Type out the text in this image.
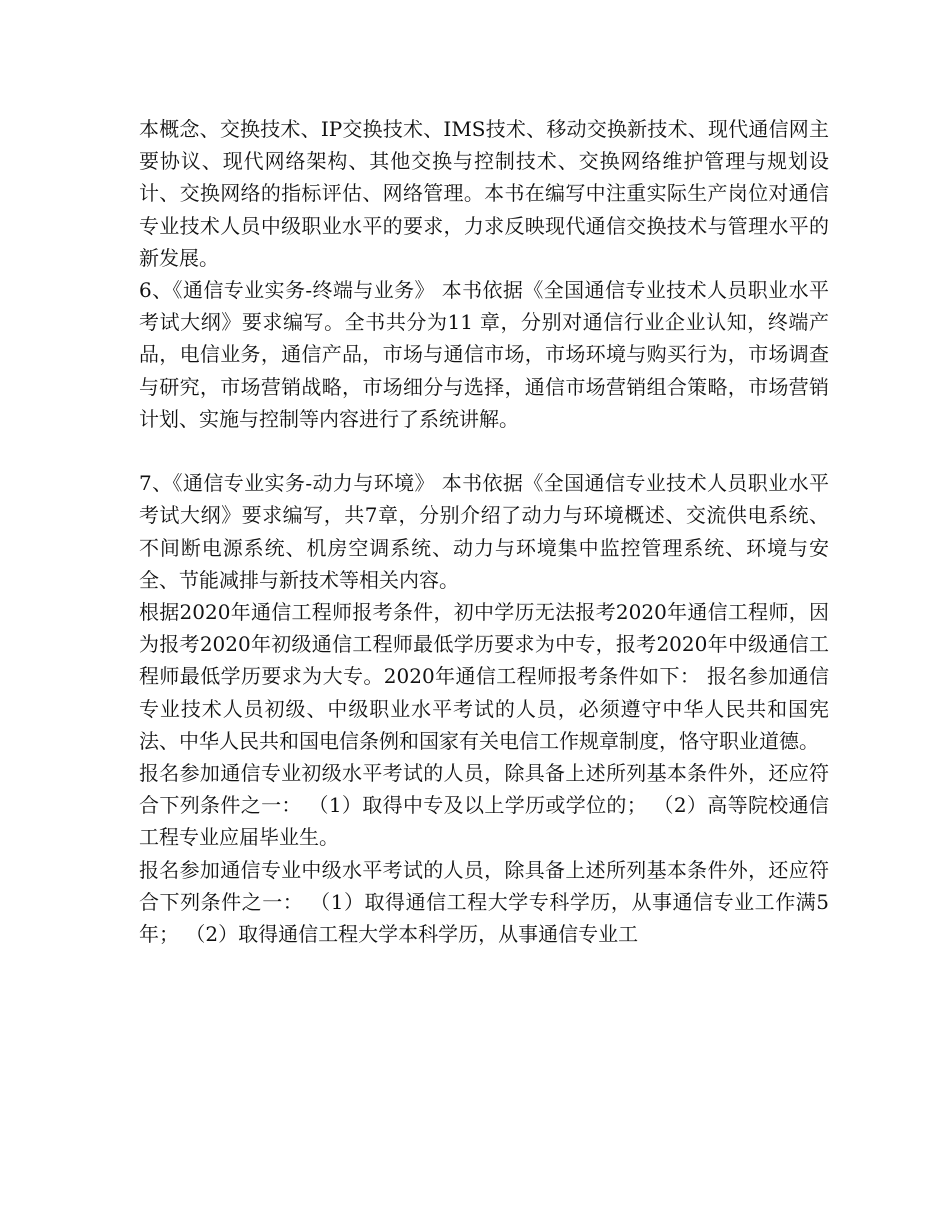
本概念、交换技术、IP交换技术、IMS技术、移动交换新技术、现代通信网主要协议、现代网络架构、其他交换与控制技术、交换网络维护管理与规划设计、交换网络的指标评估、网络管理。本书在编写中注重实际生产岗位对通信专业技术人员中级职业水平的要求，力求反映现代通信交换技术与管理水平的新发展。

6、《通信专业实务-终端与业务》 本书依据《全国通信专业技术人员职业水平考试大纲》要求编写。全书共分为11 章，分别对通信行业企业认知，终端产品，电信业务，通信产品，市场与通信市场，市场环境与购买行为，市场调查与研究，市场营销战略，市场细分与选择，通信市场营销组合策略，市场营销计划、实施与控制等内容进行了系统讲解。

7、《通信专业实务-动力与环境》 本书依据《全国通信专业技术人员职业水平考试大纲》要求编写，共7章，分别介绍了动力与环境概述、交流供电系统、不间断电源系统、机房空调系统、动力与环境集中监控管理系统、环境与安全、节能减排与新技术等相关内容。

根据2020年通信工程师报考条件，初中学历无法报考2020年通信工程师，因为报考2020年初级通信工程师最低学历要求为中专，报考2020年中级通信工程师最低学历要求为大专。2020年通信工程师报考条件如下： 报名参加通信专业技术人员初级、中级职业水平考试的人员，必须遵守中华人民共和国宪法、中华人民共和国电信条例和国家有关电信工作规章制度，恪守职业道德。

报名参加通信专业初级水平考试的人员，除具备上述所列基本条件外，还应符合下列条件之一： （1）取得中专及以上学历或学位的； （2）高等院校通信工程专业应届毕业生。

报名参加通信专业中级水平考试的人员，除具备上述所列基本条件外，还应符合下列条件之一： （1）取得通信工程大学专科学历，从事通信专业工作满5年； （2）取得通信工程大学本科学历，从事通信专业工
